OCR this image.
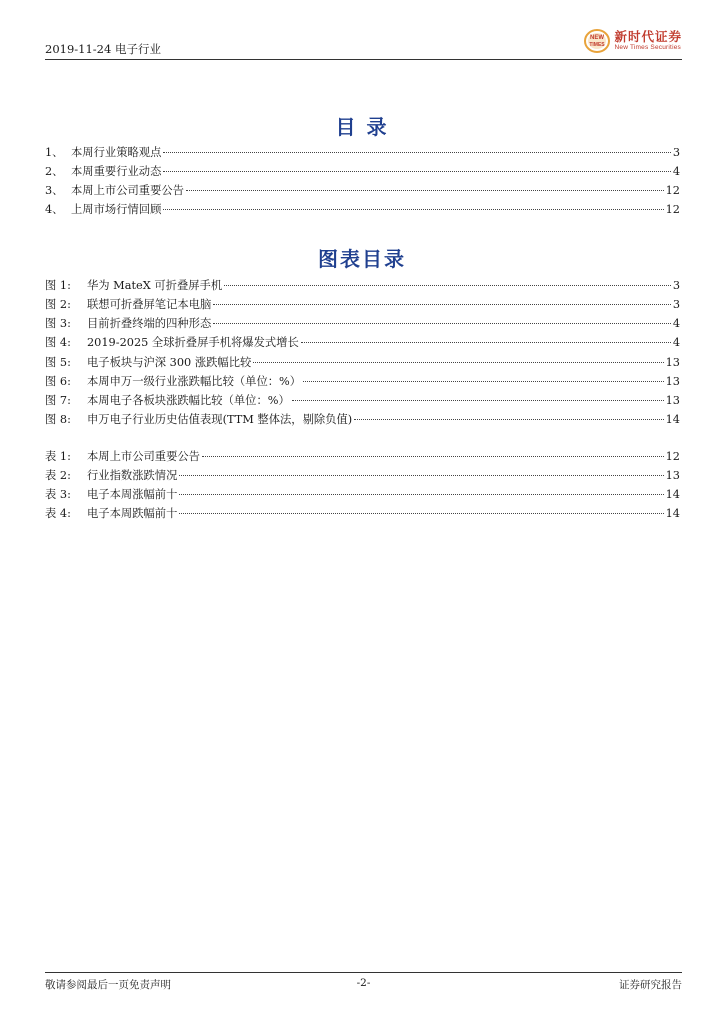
2019-11-24 电子行业
NEW
TIMES
新时代证券
New Times Securities
目 录
1、 本周行业策略观点	3
2、 本周重要行业动态	4
3、 本周上市公司重要公告	12
4、 上周市场行情回顾	12
图表目录
图 1:	华为 MateX 可折叠屏手机	3
图 2:	联想可折叠屏笔记本电脑	3
图 3:	目前折叠终端的四种形态	4
图 4:	2019-2025 全球折叠屏手机将爆发式增长	4
图 5:	电子板块与沪深 300 涨跌幅比较	13
图 6:	本周申万一级行业涨跌幅比较（单位：%）	13
图 7:	本周电子各板块涨跌幅比较（单位：%）	13
图 8:	申万电子行业历史估值表现(TTM 整体法，剔除负值)	14
表 1:	本周上市公司重要公告	12
表 2:	行业指数涨跌情况	13
表 3:	电子本周涨幅前十	14
表 4:	电子本周跌幅前十	14
敬请参阅最后一页免责声明	-2-	证券研究报告
